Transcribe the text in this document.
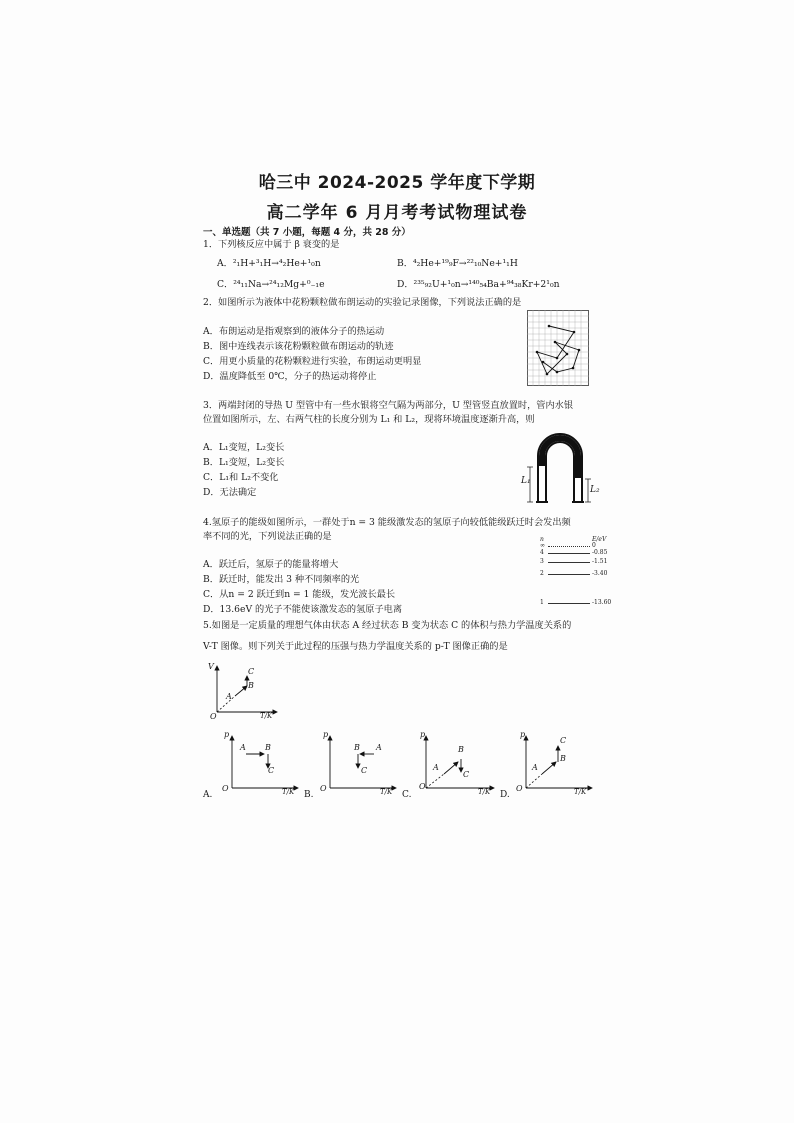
哈三中 2024-2025 学年度下学期
高二学年 6 月月考考试物理试卷
一、单选题（共 7 小题，每题 4 分，共 28 分）
1．下列核反应中属于 β 衰变的是
A．²₁H+³₁H→⁴₂He+¹₀n	B．⁴₂He+¹⁹₉F→²²₁₀Ne+¹₁H
C．²⁴₁₁Na→²⁴₁₂Mg+⁰₋₁e	D．²³⁵₉₂U+¹₀n→¹⁴⁰₅₄Ba+⁹⁴₃₈Kr+2¹₀n
2．如图所示为液体中花粉颗粒做布朗运动的实验记录图像，下列说法正确的是
A．布朗运动是指观察到的液体分子的热运动
B．图中连线表示该花粉颗粒做布朗运动的轨迹
C．用更小质量的花粉颗粒进行实验，布朗运动更明显
D．温度降低至 0℃，分子的热运动将停止
3．两端封闭的导热 U 型管中有一些水银将空气隔为两部分，U 型管竖直放置时，管内水银
位置如图所示，左、右两气柱的长度分别为 L₁ 和 L₂，现将环境温度逐渐升高，则
A．L₁变短，L₂变长
B．L₁变短，L₂变长
C．L₁和 L₂不变化
D．无法确定
L₁
L₂
4.氢原子的能级如图所示，一群处于n = 3 能级激发态的氢原子向较低能级跃迁时会发出频
率不同的光，下列说法正确的是
A．跃迁后，氢原子的能量将增大
B．跃迁时，能发出 3 种不同频率的光
C．从n = 2 跃迁到n = 1 能级，发光波长最长
D．13.6eV 的光子不能使该激发态的氢原子电离
n	E/eV
∞	0
4	-0.85
3	-1.51
2	-3.40
1	-13.60
5.如图是一定质量的理想气体由状态 A 经过状态 B 变为状态 C 的体积与热力学温度关系的
V-T 图像。则下列关于此过程的压强与热力学温度关系的 p-T 图像正确的是
V
T/K
O
A
B
C
A.
p
T/K
O
A B
C
B.
p
T/K
O
B A
C
C.
p
T/K
O
A
B
C
D.
p
T/K
O
A
B
C
